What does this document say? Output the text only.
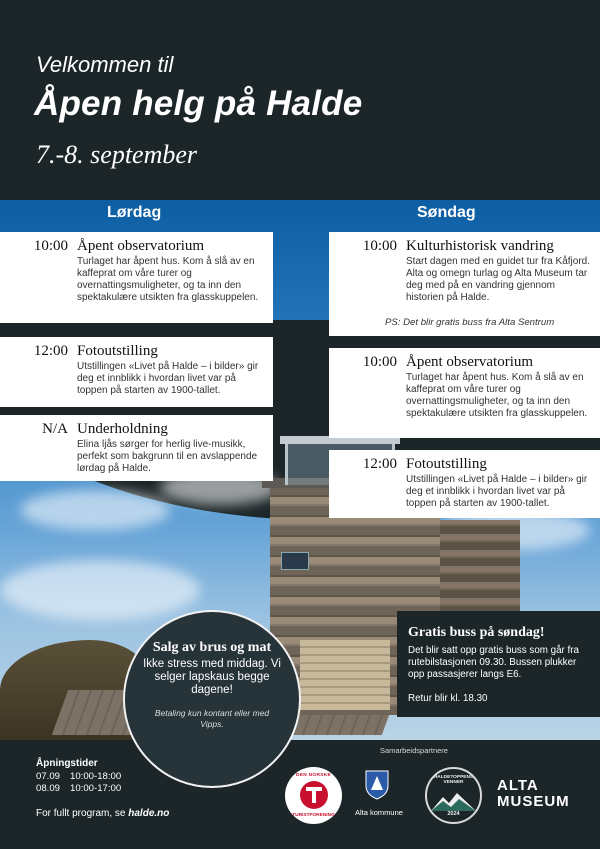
Velkommen til
Åpen helg på Halde
7.-8. september
Lørdag	Søndag
10:00 Åpent observatorium
Turlaget har åpent hus. Kom å slå av en kaffeprat om våre turer og overnattingsmuligheter, og ta inn den spektakulære utsikten fra glasskuppelen.
12:00 Fotoutstilling
Utstillingen «Livet på Halde – i bilder» gir deg et innblikk i hvordan livet var på toppen på starten av 1900-tallet.
N/A Underholdning
Elina ljås sørger for herlig live-musikk, perfekt som bakgrunn til en avslappende lørdag på Halde.
10:00 Kulturhistorisk vandring
Start dagen med en guidet tur fra Kåfjord. Alta og omegn turlag og Alta Museum tar deg med på en vandring gjennom historien på Halde.
PS: Det blir gratis buss fra Alta Sentrum
10:00 Åpent observatorium
Turlaget har åpent hus. Kom å slå av en kaffeprat om våre turer og overnattingsmuligheter, og ta inn den spektakulære utsikten fra glasskuppelen.
12:00 Fotoutstilling
Utstillingen «Livet på Halde – i bilder» gir deg et innblikk i hvordan livet var på toppen på starten av 1900-tallet.
Salg av brus og mat
Ikke stress med middag. Vi selger lapskaus begge dagene!
Betaling kun kontant eller med Vipps.
Gratis buss på søndag!
Det blir satt opp gratis buss som går fra rutebilstasjonen 09.30. Bussen plukker opp passasjerer langs E6.
Retur blir kl. 18.30
Åpningstider
07.09 10:00-18:00
08.09 10:00-17:00
For fullt program, se halde.no
Samarbeidspartnere
DEN NORSKE
TURISTFORENING	Alta kommune
HALDETOPPENS VENNER
2024
ALTA
MUSEUM
